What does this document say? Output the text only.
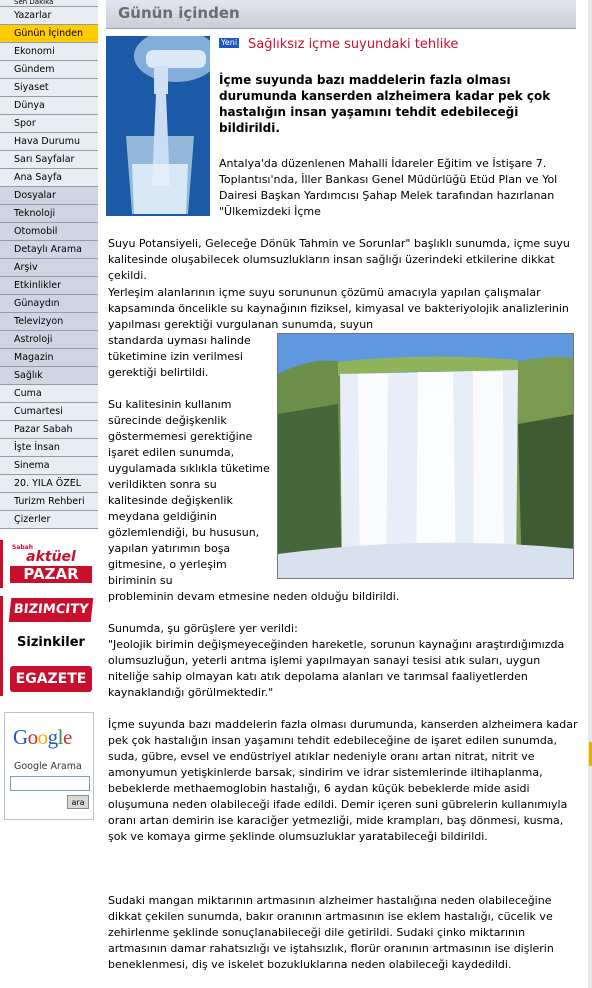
Sen Dakika
Yazarlar
Günün İçinden
Ekonomi
Gündem
Siyaset
Dünya
Spor
Hava Durumu
Sarı Sayfalar
Ana Sayfa
Dosyalar
Teknoloji
Otomobil
Detaylı Arama
Arşiv
Etkinlikler
Günaydın
Televizyon
Astroloji
Magazin
Sağlık
Cuma
Cumartesi
Pazar Sabah
İşte İnsan
Sinema
20. YILA ÖZEL
Turizm Rehberi
Çizerler
Sabah
aktüel
PAZAR
BIZIMCITY
Sizinkiler
EGAZETE
Google
Google Arama
ara
Günün içinden
Yeni Sağlıksız içme suyundaki tehlike
İçme suyunda bazı maddelerin fazla olması durumunda kanserden alzheimera kadar pek çok hastalığın insan yaşamını tehdit edebileceği bildirildi.
Antalya'da düzenlenen Mahalli İdareler Eğitim ve İstişare 7. Toplantısı'nda, İller Bankası Genel Müdürlüğü Etüd Plan ve Yol Dairesi Başkan Yardımcısı Şahap Melek tarafından hazırlanan "Ülkemizdeki İçme
Suyu Potansiyeli, Geleceğe Dönük Tahmin ve Sorunlar" başlıklı sunumda, içme suyu kalitesinde oluşabilecek olumsuzlukların insan sağlığı üzerindeki etkilerine dikkat çekildi.
Yerleşim alanlarının içme suyu sorununun çözümü amacıyla yapılan çalışmalar kapsamında öncelikle su kaynağının fiziksel, kimyasal ve bakteriyolojik analizlerinin yapılması gerektiği vurgulanan sunumda, suyun
standarda uyması halinde tüketimine izin verilmesi gerektiği belirtildi.
Su kalitesinin kullanım sürecinde değişkenlik göstermemesi gerektiğine işaret edilen sunumda, uygulamada sıklıkla tüketime verildikten sonra su kalitesinde değişkenlik meydana geldiğinin gözlemlendiği, bu hususun, yapılan yatırımın boşa gitmesine, o yerleşim biriminin su
probleminin devam etmesine neden olduğu bildirildi.
Sunumda, şu görüşlere yer verildi:
"Jeolojik birimin değişmeyeceğinden hareketle, sorunun kaynağını araştırdığımızda olumsuzluğun, yeterli arıtma işlemi yapılmayan sanayi tesisi atık suları, uygun niteliğe sahip olmayan katı atık depolama alanları ve tarımsal faaliyetlerden kaynaklandığı görülmektedir."
İçme suyunda bazı maddelerin fazla olması durumunda, kanserden alzheimera kadar pek çok hastalığın insan yaşamını tehdit edebileceğine de işaret edilen sunumda, suda, gübre, evsel ve endüstriyel atıklar nedeniyle oranı artan nitrat, nitrit ve amonyumun yetişkinlerde barsak, sindirim ve idrar sistemlerinde iltihaplanma, bebeklerde methaemoglobin hastalığı, 6 aydan küçük bebeklerde mide asidi oluşumuna neden olabileceği ifade edildi. Demir içeren suni gübrelerin kullanımıyla oranı artan demirin ise karaciğer yetmezliği, mide krampları, baş dönmesi, kusma, şok ve komaya girme şeklinde olumsuzluklar yaratabileceği bildirildi.
Sudaki mangan miktarının artmasının alzheimer hastalığına neden olabileceğine dikkat çekilen sunumda, bakır oranının artmasının ise eklem hastalığı, cücelik ve zehirlenme şeklinde sonuçlanabileceği dile getirildi. Sudaki çinko miktarının artmasının damar rahatsızlığı ve iştahsızlık, florür oranının artmasının ise dişlerin beneklenmesi, diş ve iskelet bozukluklarına neden olabileceği kaydedildi.
